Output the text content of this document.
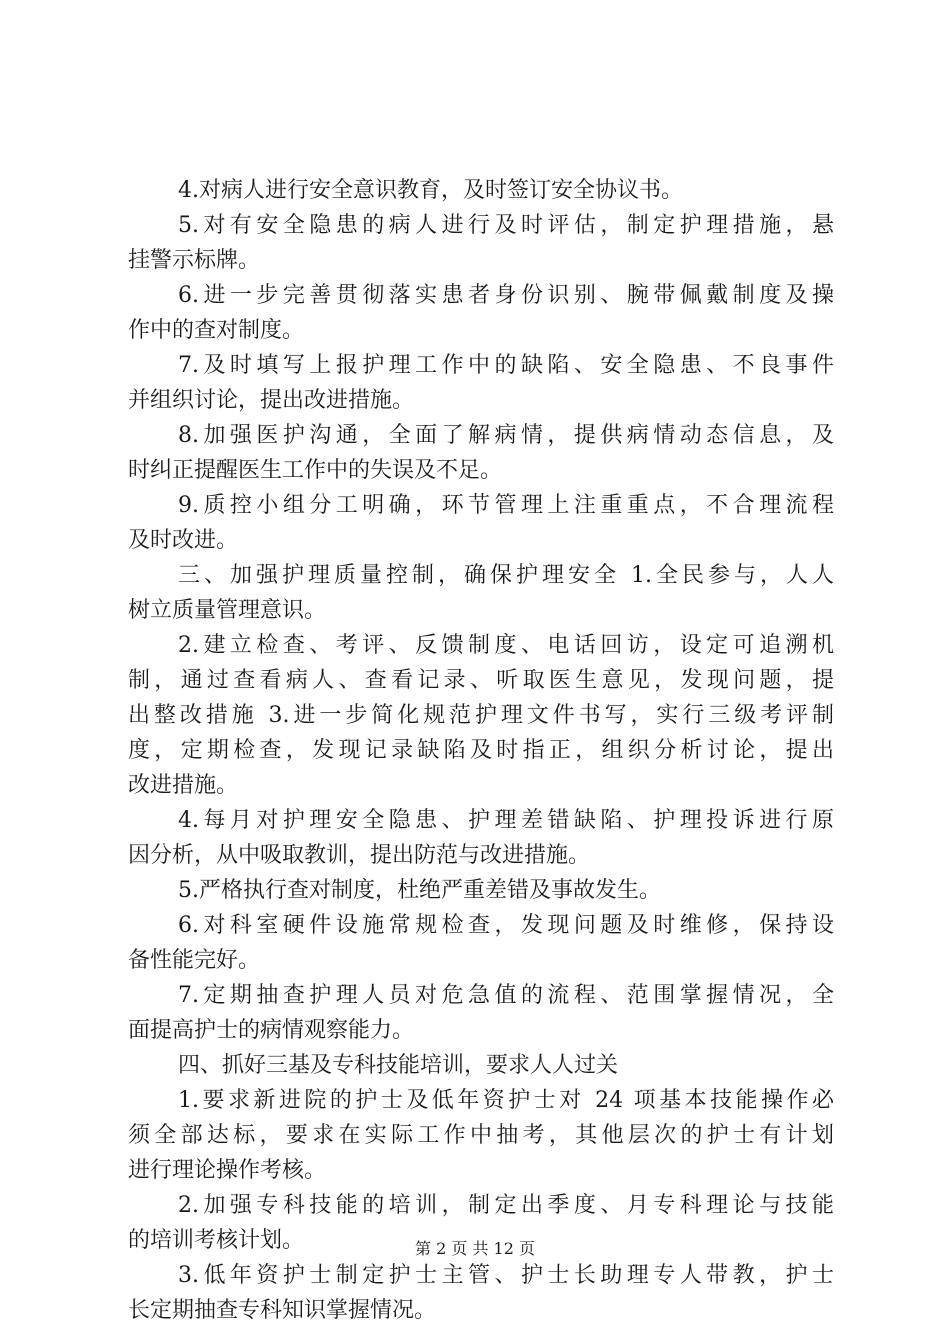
4.对病人进行安全意识教育，及时签订安全协议书。
5.对有安全隐患的病人进行及时评估，制定护理措施，悬
挂警示标牌。
6.进一步完善贯彻落实患者身份识别、腕带佩戴制度及操
作中的查对制度。
7.及时填写上报护理工作中的缺陷、安全隐患、不良事件
并组织讨论，提出改进措施。
8.加强医护沟通，全面了解病情，提供病情动态信息，及
时纠正提醒医生工作中的失误及不足。
9.质控小组分工明确，环节管理上注重重点，不合理流程
及时改进。
三、加强护理质量控制，确保护理安全 1.全民参与，人人
树立质量管理意识。
2.建立检查、考评、反馈制度、电话回访，设定可追溯机
制，通过查看病人、查看记录、听取医生意见，发现问题，提
出整改措施 3.进一步简化规范护理文件书写，实行三级考评制
度，定期检查，发现记录缺陷及时指正，组织分析讨论，提出
改进措施。
4.每月对护理安全隐患、护理差错缺陷、护理投诉进行原
因分析，从中吸取教训，提出防范与改进措施。
5.严格执行查对制度，杜绝严重差错及事故发生。
6.对科室硬件设施常规检查，发现问题及时维修，保持设
备性能完好。
7.定期抽查护理人员对危急值的流程、范围掌握情况，全
面提高护士的病情观察能力。
四、抓好三基及专科技能培训，要求人人过关
1.要求新进院的护士及低年资护士对 24 项基本技能操作必
须全部达标，要求在实际工作中抽考，其他层次的护士有计划
进行理论操作考核。
2.加强专科技能的培训，制定出季度、月专科理论与技能
的培训考核计划。
3.低年资护士制定护士主管、护士长助理专人带教，护士
长定期抽查专科知识掌握情况。
第 2 页 共 12 页
